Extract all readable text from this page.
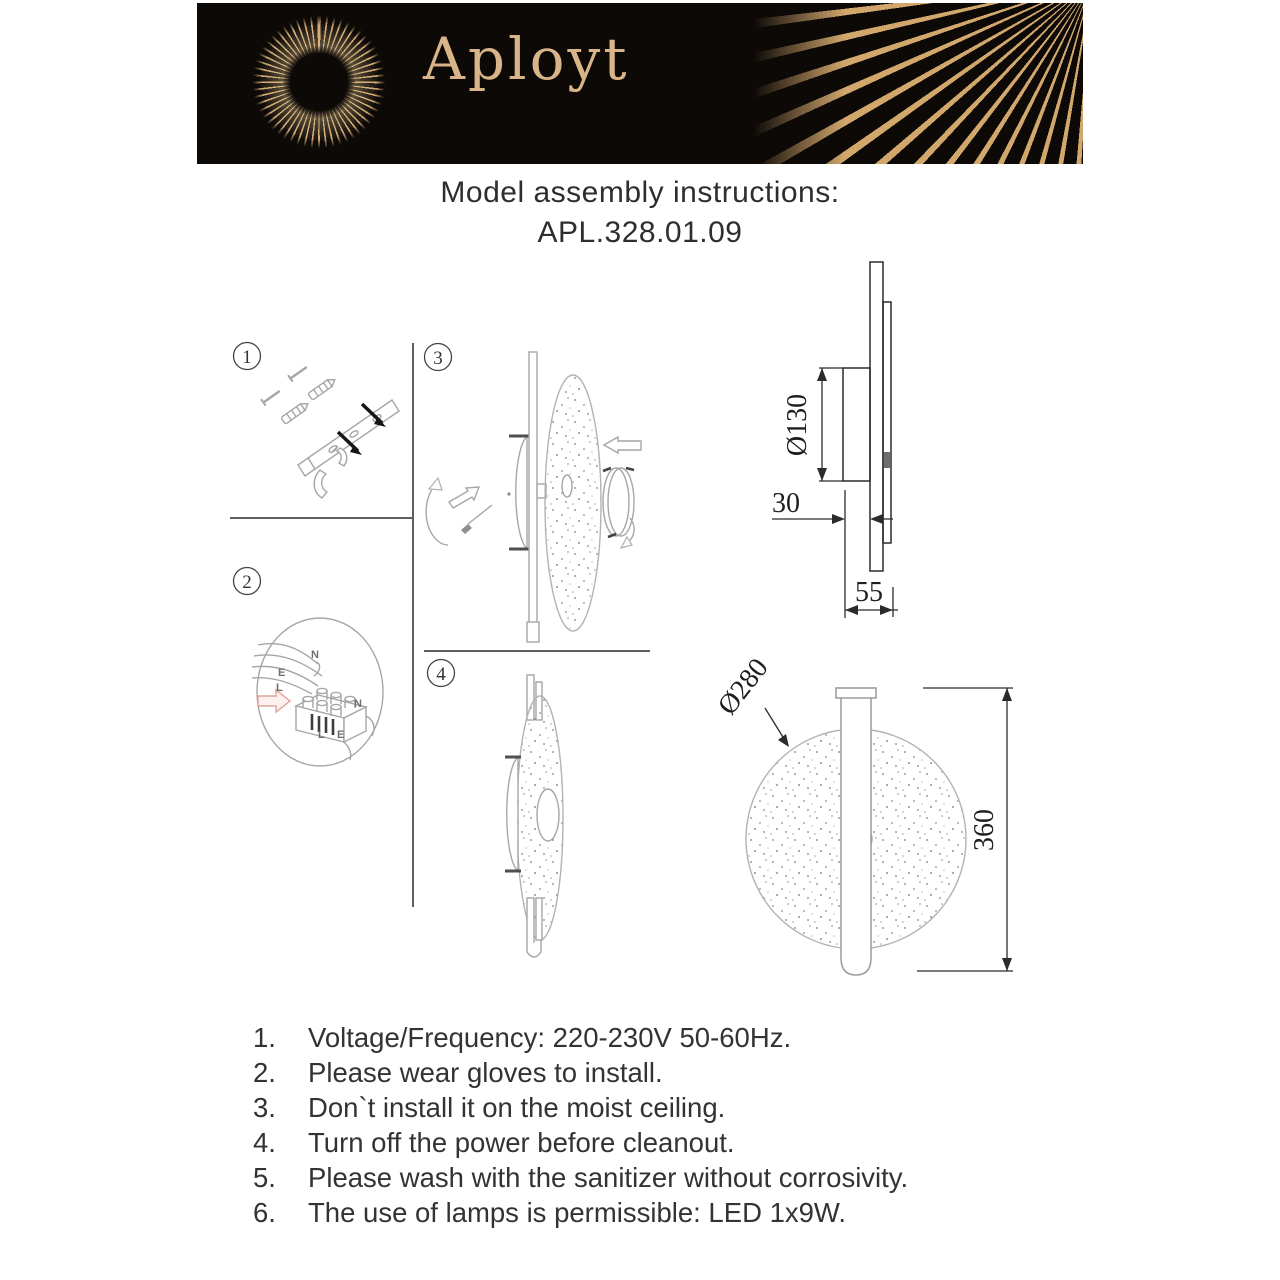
Aployt
Model assembly instructions:
APL.328.01.09
1
2
3
4
N
E
L
N
L E
Ø130
30
55
Ø280
360
1.	Voltage/Frequency: 220-230V 50-60Hz.
2.	Please wear gloves to install.
3.	Don`t install it on the moist ceiling.
4.	Turn off the power before cleanout.
5.	Please wash with the sanitizer without corrosivity.
6.	The use of lamps is permissible: LED 1x9W.
